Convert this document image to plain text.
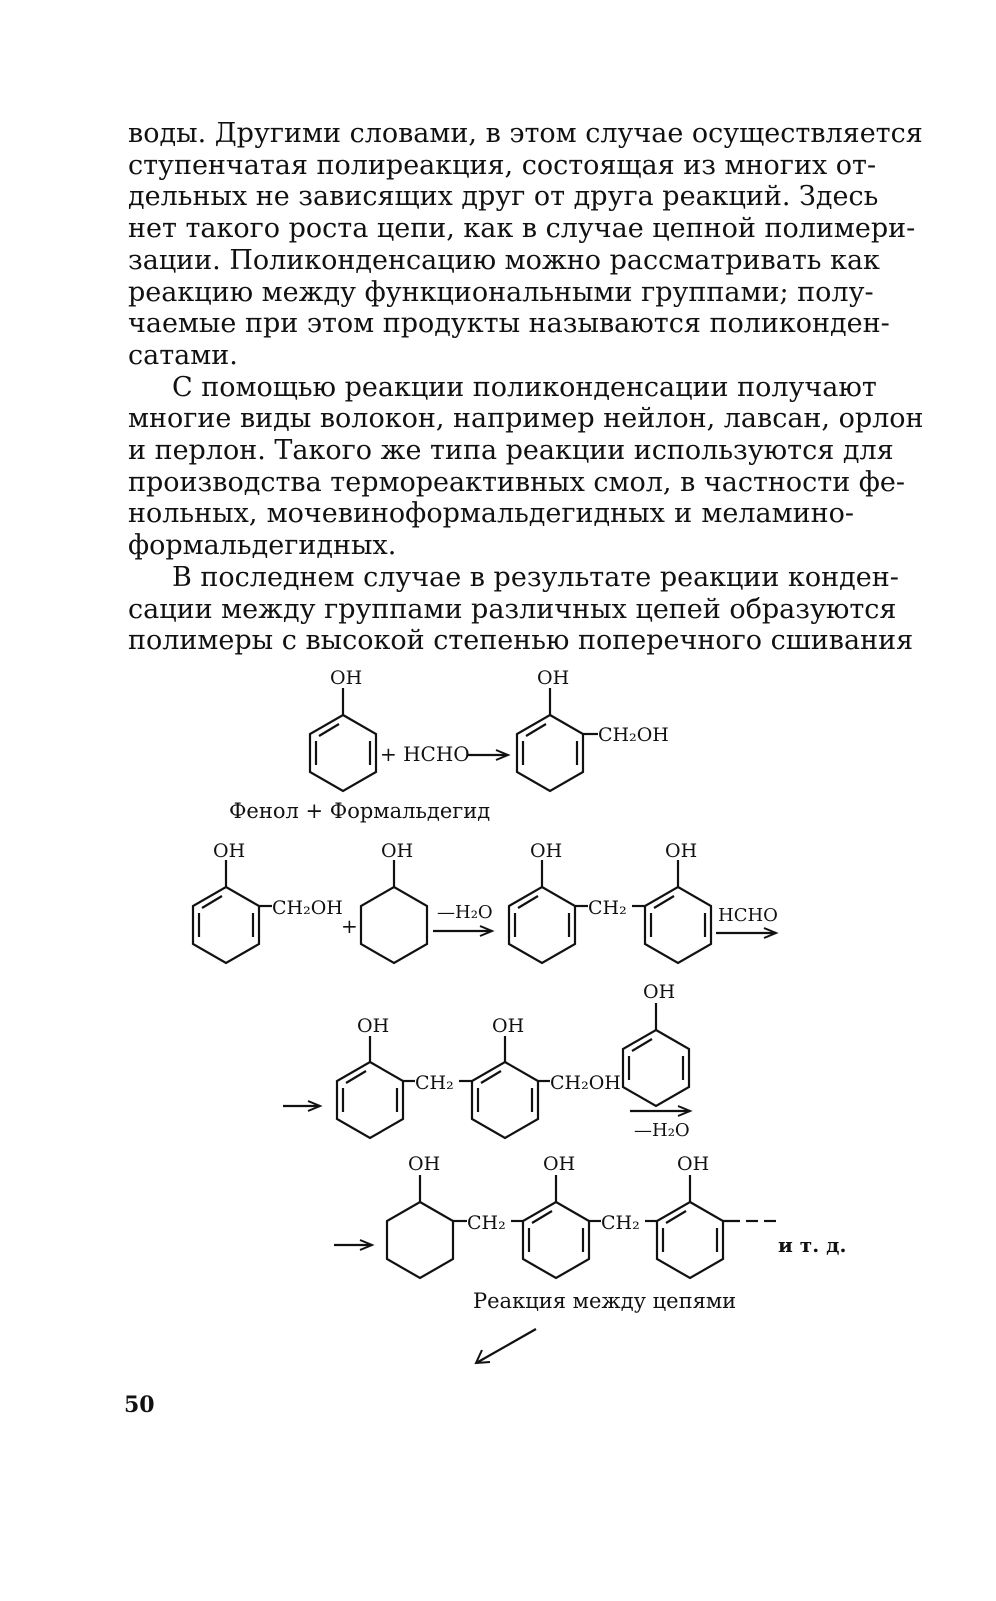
воды. Другими словами, в этом случае осуществляется
ступенчатая полиреакция, состоящая из многих от-
дельных не зависящих друг от друга реакций. Здесь
нет такого роста цепи, как в случае цепной полимери-
зации. Поликонденсацию можно рассматривать как
реакцию между функциональными группами; полу-
чаемые при этом продукты называются поликонден-
сатами.
С помощью реакции поликонденсации получают
многие виды волокон, например нейлон, лавсан, орлон
и перлон. Такого же типа реакции используются для
производства термореактивных смол, в частности фе-
нольных, мочевиноформальдегидных и меламино-
формальдегидных.
В последнем случае в результате реакции конден-
сации между группами различных цепей образуются
полимеры с высокой степенью поперечного сшивания
OH
+ HCHO
OH
CH₂OH
Фенол + Формальдегид
OH
CH₂OH
+
OH
—H₂O
OH
CH₂
OH
HCHO
OH
CH₂
OH
CH₂OH
OH
—H₂O
OH
CH₂
OH
CH₂
OH
и т. д.
Реакция между цепями
50
